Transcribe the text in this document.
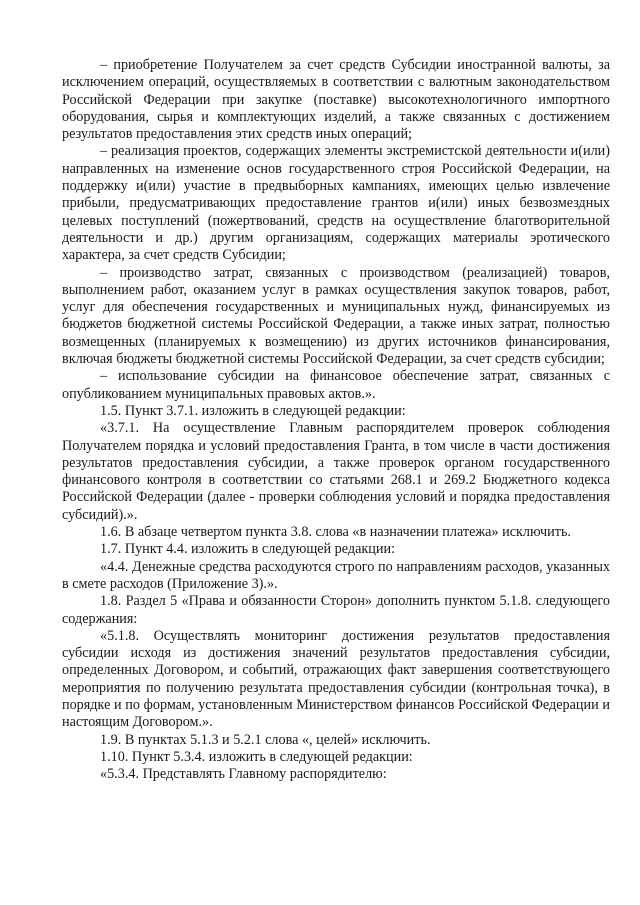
– приобретение Получателем за счет средств Субсидии иностранной валюты, за исключением операций, осуществляемых в соответствии с валютным законодательством Российской Федерации при закупке (поставке) высокотехнологичного импортного оборудования, сырья и комплектующих изделий, а также связанных с достижением результатов предоставления этих средств иных операций;

– реализация проектов, содержащих элементы экстремистской деятельности и(или) направленных на изменение основ государственного строя Российской Федерации, на поддержку и(или) участие в предвыборных кампаниях, имеющих целью извлечение прибыли, предусматривающих предоставление грантов и(или) иных безвозмездных целевых поступлений (пожертвований, средств на осуществление благотворительной деятельности и др.) другим организациям, содержащих материалы эротического характера, за счет средств Субсидии;

– производство затрат, связанных с производством (реализацией) товаров, выполнением работ, оказанием услуг в рамках осуществления закупок товаров, работ, услуг для обеспечения государственных и муниципальных нужд, финансируемых из бюджетов бюджетной системы Российской Федерации, а также иных затрат, полностью возмещенных (планируемых к возмещению) из других источников финансирования, включая бюджеты бюджетной системы Российской Федерации, за счет средств субсидии;

– использование субсидии на финансовое обеспечение затрат, связанных с опубликованием муниципальных правовых актов.».

1.5. Пункт 3.7.1. изложить в следующей редакции:

«3.7.1. На осуществление Главным распорядителем проверок соблюдения Получателем порядка и условий предоставления Гранта, в том числе в части достижения результатов предоставления субсидии, а также проверок органом государственного финансового контроля в соответствии со статьями 268.1 и 269.2 Бюджетного кодекса Российской Федерации (далее - проверки соблюдения условий и порядка предоставления субсидий).».

1.6. В абзаце четвертом пункта 3.8. слова «в назначении платежа» исключить.

1.7. Пункт 4.4. изложить в следующей редакции:

«4.4. Денежные средства расходуются строго по направлениям расходов, указанных в смете расходов (Приложение 3).».

1.8. Раздел 5 «Права и обязанности Сторон» дополнить пунктом 5.1.8. следующего содержания:

«5.1.8. Осуществлять мониторинг достижения результатов предоставления субсидии исходя из достижения значений результатов предоставления субсидии, определенных Договором, и событий, отражающих факт завершения соответствующего мероприятия по получению результата предоставления субсидии (контрольная точка), в порядке и по формам, установленным Министерством финансов Российской Федерации и настоящим Договором.».

1.9. В пунктах 5.1.3 и 5.2.1 слова «, целей» исключить.

1.10. Пункт 5.3.4. изложить в следующей редакции:

«5.3.4. Представлять Главному распорядителю:
